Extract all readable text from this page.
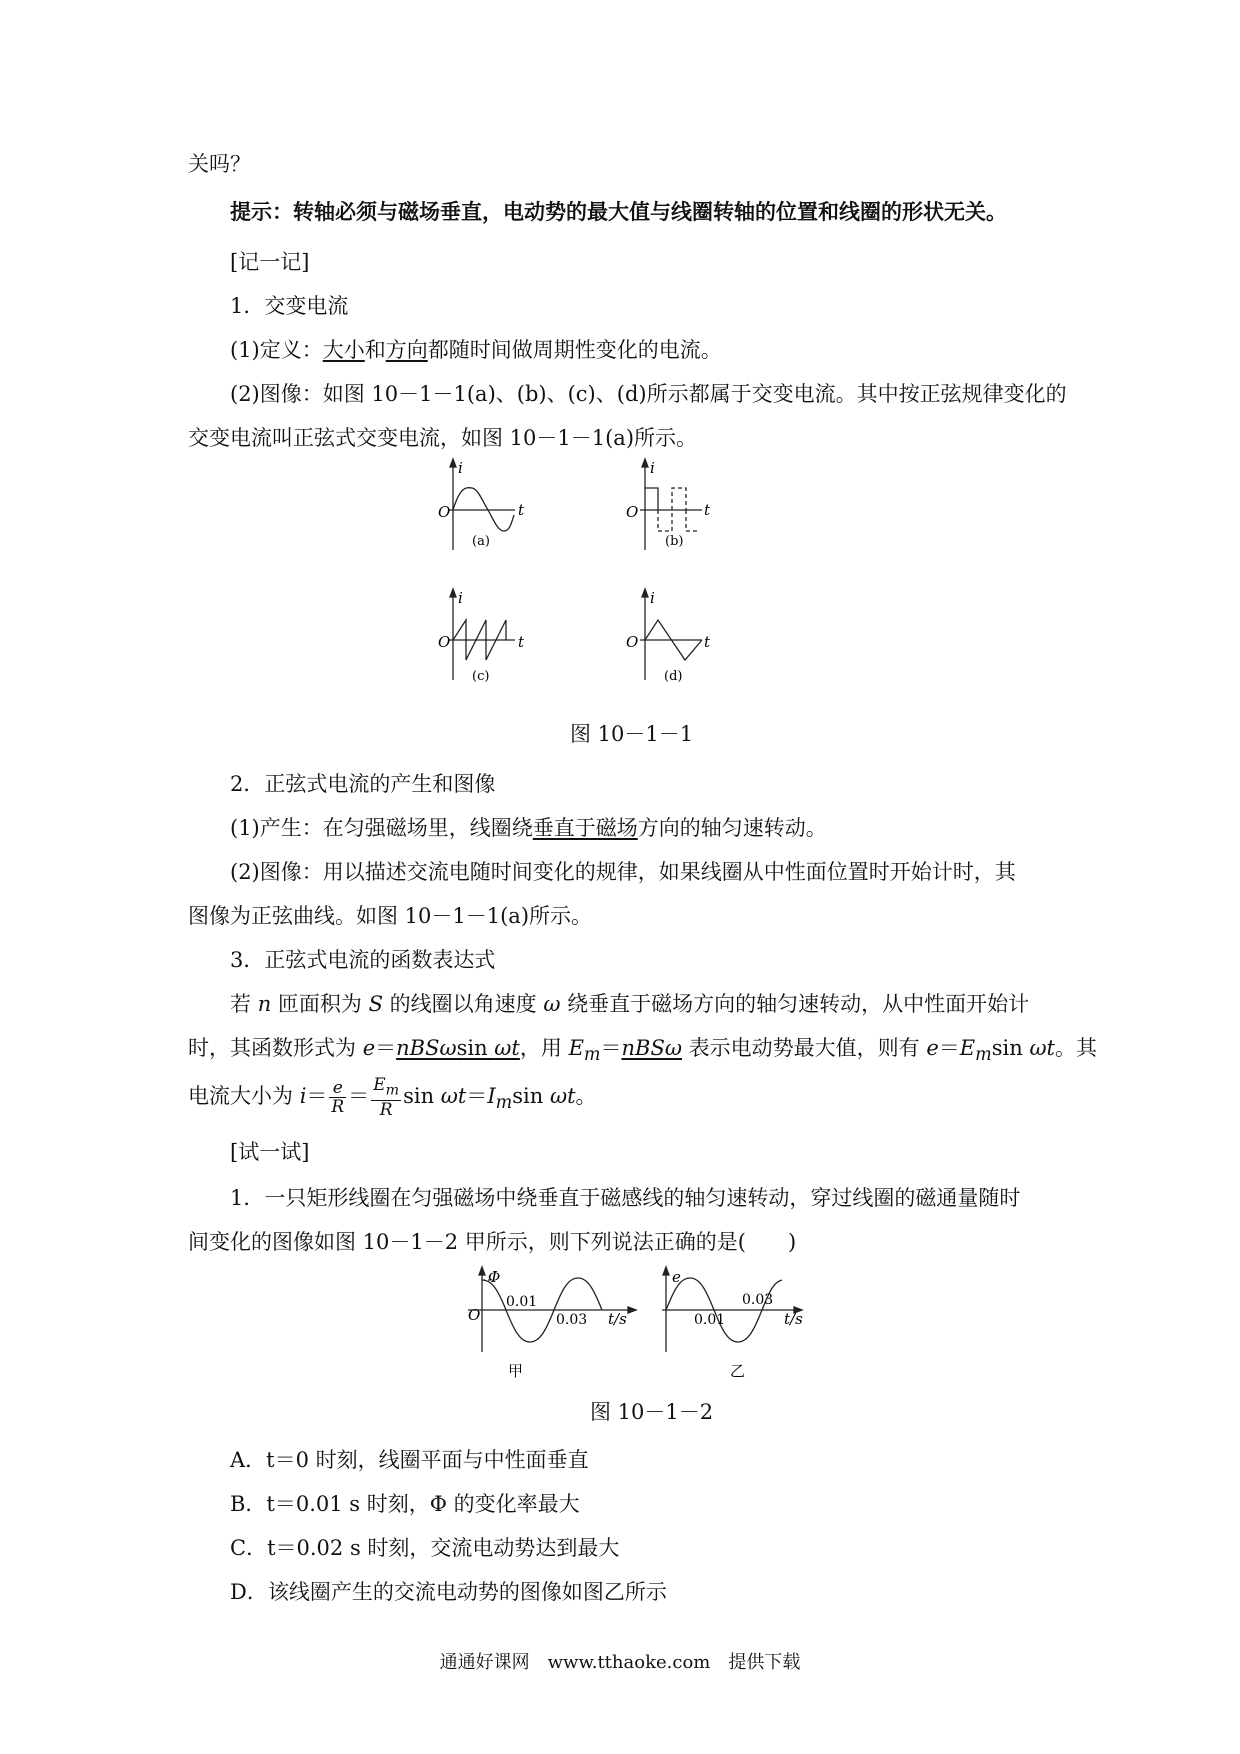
关吗？
提示：转轴必须与磁场垂直，电动势的最大值与线圈转轴的位置和线圈的形状无关。
[记一记]
1．交变电流
(1)定义：大小和方向都随时间做周期性变化的电流。
(2)图像：如图 10－1－1(a)、(b)、(c)、(d)所示都属于交变电流。其中按正弦规律变化的
交变电流叫正弦式交变电流，如图 10－1－1(a)所示。
i
O	t
(a)
i
O	t
(b)
i
O	t
(c)
i
O	t
(d)
图 10－1－1
2．正弦式电流的产生和图像
(1)产生：在匀强磁场里，线圈绕垂直于磁场方向的轴匀速转动。
(2)图像：用以描述交流电随时间变化的规律，如果线圈从中性面位置时开始计时，其
图像为正弦曲线。如图 10－1－1(a)所示。
3．正弦式电流的函数表达式
若 n 匝面积为 S 的线圈以角速度 ω 绕垂直于磁场方向的轴匀速转动，从中性面开始计
时，其函数形式为 e＝nBSωsin ωt，用 $E_m=nBS\omega$ 表示电动势最大值，则有 $e=E_m\sin$ ωt。其
电流大小为 $i= \frac{e}{R} = \frac{E_m}{R}$ $\sin \omega t=I_m\sin$ ωt。
[试一试]
1．一只矩形线圈在匀强磁场中绕垂直于磁感线的轴匀速转动，穿过线圈的磁通量随时
间变化的图像如图 10－1－2 甲所示，则下列说法正确的是(　　)
Φ
O
0.01
0.03 t/s
甲
e
0.01
0.03
t/s
乙
图 10－1－2
A．t＝0 时刻，线圈平面与中性面垂直
B．t＝0.01 s 时刻，Φ 的变化率最大
C．t＝0.02 s 时刻，交流电动势达到最大
D．该线圈产生的交流电动势的图像如图乙所示
通通好课网　www.tthaoke.com　提供下载
